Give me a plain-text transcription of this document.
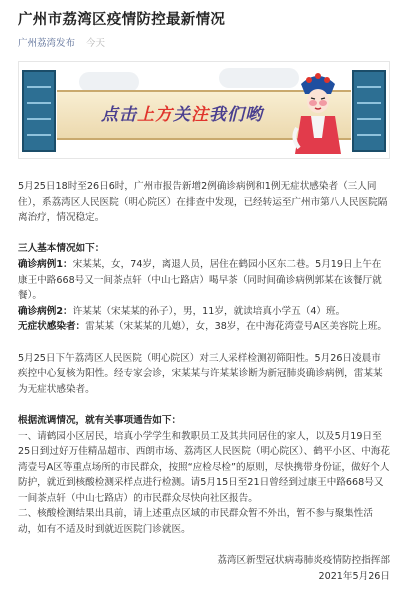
广州市荔湾区疫情防控最新情况
广州荔湾发布 今天
点击上方关注我们哟

5月25日18时至26日6时，广州市报告新增2例确诊病例和1例无症状感染者（三人同住），系荔湾区人民医院（明心院区）在排查中发现，已经转运至广州市第八人民医院隔离治疗，情况稳定。

三人基本情况如下：

确诊病例1：宋某某，女，74岁，离退人员，居住在鹤园小区东二巷。5月19日上午在康王中路668号又一间茶点轩（中山七路店）喝早茶（同时间确诊病例郭某在该餐厅就餐）。

确诊病例2：许某某（宋某某的孙子），男，11岁，就读培真小学五（4）班。

无症状感染者：雷某某（宋某某的儿媳），女，38岁，在中海花湾壹号A区美容院上班。

5月25日下午荔湾区人民医院（明心院区）对三人采样检测初筛阳性。5月26日凌晨市疾控中心复核为阳性。经专家会诊，宋某某与许某某诊断为新冠肺炎确诊病例，雷某某为无症状感染者。

根据流调情况，就有关事项通告如下：

一、请鹤园小区居民，培真小学学生和教职员工及其共同居住的家人，以及5月19日至25日到过好万佳精品超市、西朗市场、荔湾区人民医院（明心院区）、鹤平小区、中海花湾壹号A区等重点场所的市民群众，按照“应检尽检”的原则，尽快携带身份证，做好个人防护，就近到核酸检测采样点进行检测。请5月15日至21日曾经到过康王中路668号又一间茶点轩（中山七路店）的市民群众尽快向社区报告。

二、核酸检测结果出具前，请上述重点区域的市民群众暂不外出，暂不参与聚集性活动，如有不适及时到就近医院门诊就医。

荔湾区新型冠状病毒肺炎疫情防控指挥部

2021年5月26日
